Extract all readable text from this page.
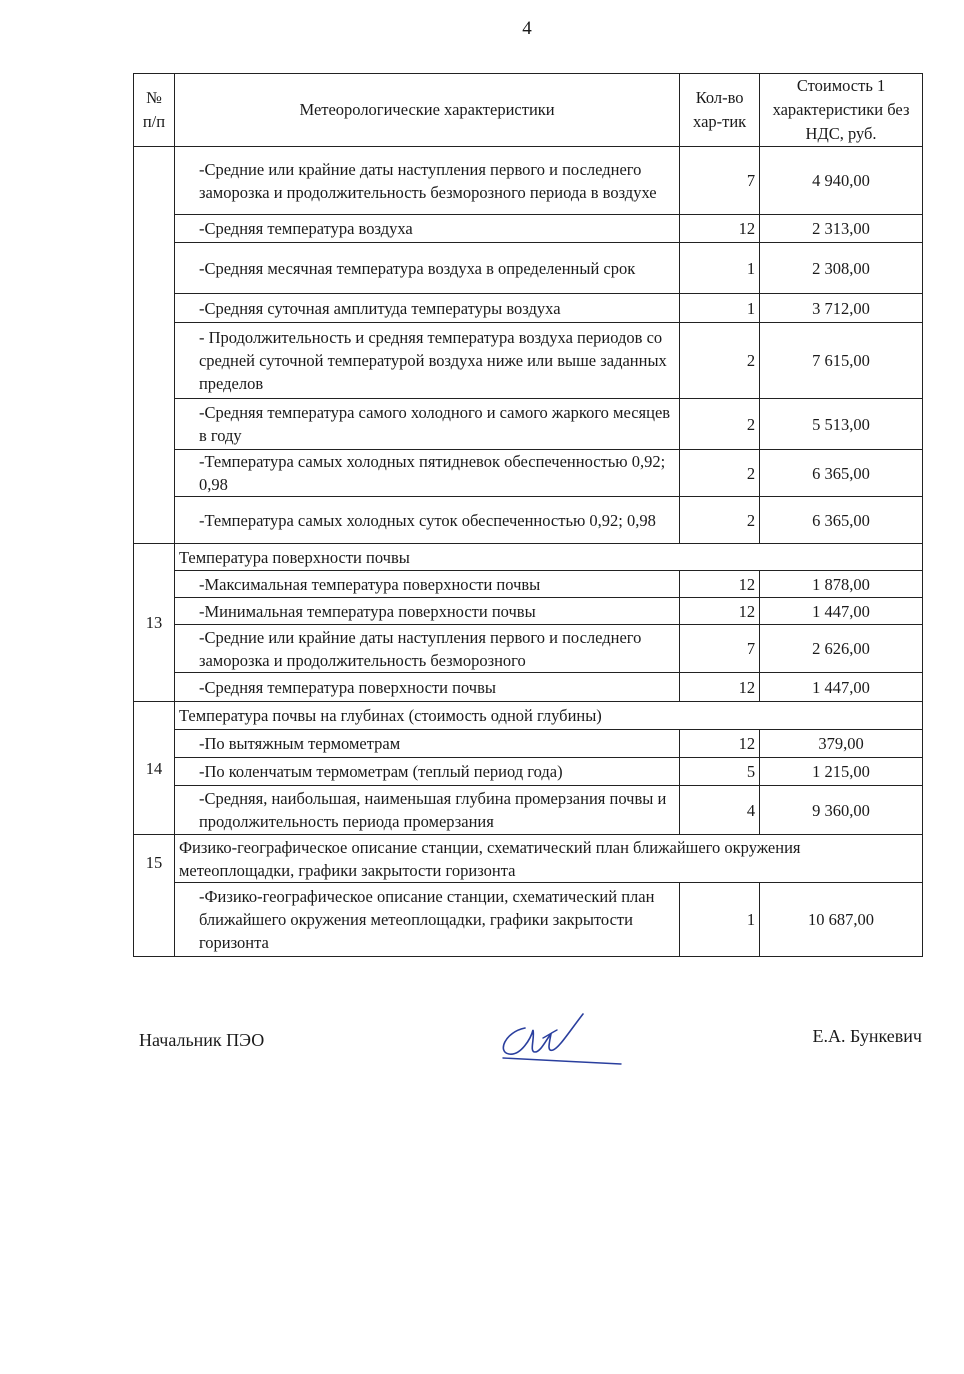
4
№ п/п	Метеорологические характеристики	Кол-во хар-тик	Стоимость 1 характеристики без НДС, руб.
	-Средние или крайние даты наступления первого и последнего заморозка и продолжительность безморозного периода в воздухе	7	4 940,00
	-Средняя температура воздуха	12	2 313,00
	-Средняя месячная температура воздуха в определенный срок	1	2 308,00
	-Средняя суточная амплитуда температуры воздуха	1	3 712,00
	- Продолжительность и средняя температура воздуха периодов со средней суточной температурой воздуха ниже или выше заданных пределов	2	7 615,00
	-Средняя температура самого холодного и самого жаркого месяцев в году	2	5 513,00
	-Температура самых холодных пятидневок обеспеченностью 0,92; 0,98	2	6 365,00
	-Температура самых холодных суток обеспеченностью 0,92; 0,98	2	6 365,00
13	Температура поверхности почвы		
	-Максимальная температура поверхности почвы	12	1 878,00
	-Минимальная температура поверхности почвы	12	1 447,00
	-Средние или крайние даты наступления первого и последнего заморозка и продолжительность безморозного	7	2 626,00
	-Средняя температура поверхности почвы	12	1 447,00
14	Температура почвы на глубинах (стоимость одной глубины)		
	-По вытяжным термометрам	12	379,00
	-По коленчатым термометрам (теплый период года)	5	1 215,00
	-Средняя, наибольшая, наименьшая глубина промерзания почвы и продолжительность периода промерзания	4	9 360,00
15	Физико-географическое описание станции, схематический план ближайшего окружения метеоплощадки, графики закрытости горизонта		
	-Физико-географическое описание станции, схематический план ближайшего окружения метеоплощадки, графики закрытости горизонта	1	10 687,00
Начальник ПЭО	Е.А. Бункевич
